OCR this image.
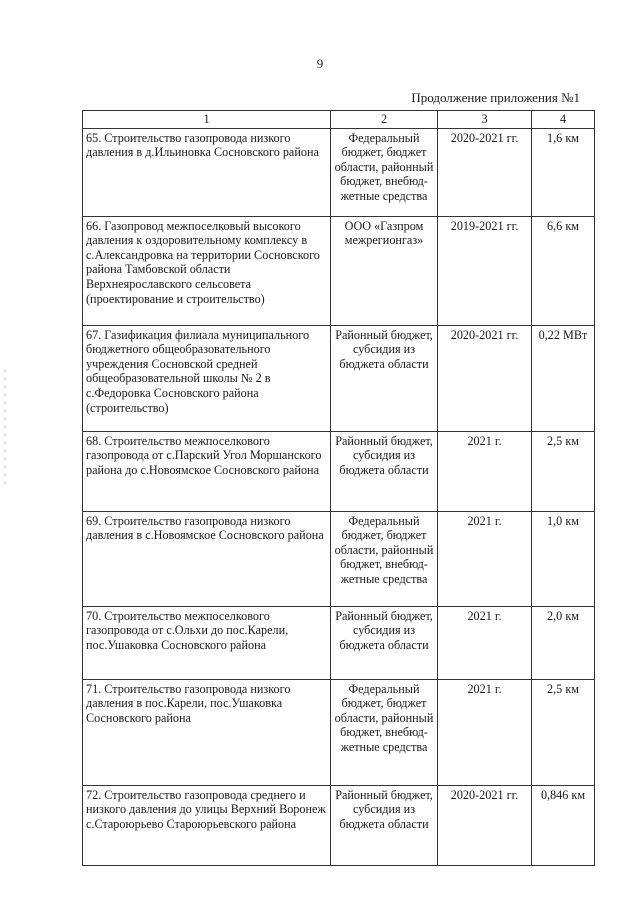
9
Продолжение приложения №1
1	2	3	4
65. Строительство газопровода низкого давления в д.Ильиновка Сосновского района	Федеральный бюджет, бюджет области, районный бюджет, внебюд-жетные средства	2020-2021 гг.	1,6 км
66. Газопровод межпоселковый высокого давления к оздоровительному комплексу в с.Александровка на территории Сосновского района Тамбовской области Верхнеярославского сельсовета (проектирование и строительство)	ООО «Газпром межрегионгаз»	2019-2021 гг.	6,6 км
67. Газификация филиала муниципального бюджетного общеобразовательного учреждения Сосновской средней общеобразовательной школы № 2 в с.Федоровка Сосновского района (строительство)	Районный бюджет, субсидия из бюджета области	2020-2021 гг.	0,22 МВт
68. Строительство межпоселкового газопровода от с.Парский Угол Моршанского района до с.Новоямское Сосновского района	Районный бюджет, субсидия из бюджета области	2021 г.	2,5 км
69. Строительство газопровода низкого давления в с.Новоямское Сосновского района	Федеральный бюджет, бюджет области, районный бюджет, внебюд-жетные средства	2021 г.	1,0 км
70. Строительство межпоселкового газопровода от с.Ольхи до пос.Карели, пос.Ушаковка Сосновского района	Районный бюджет, субсидия из бюджета области	2021 г.	2,0 км
71. Строительство газопровода низкого давления в пос.Карели, пос.Ушаковка Сосновского района	Федеральный бюджет, бюджет области, районный бюджет, внебюд-жетные средства	2021 г.	2,5 км
72. Строительство газопровода среднего и низкого давления до улицы Верхний Воронеж с.Староюрьево Староюрьевского района	Районный бюджет, субсидия из бюджета области	2020-2021 гг.	0,846 км
